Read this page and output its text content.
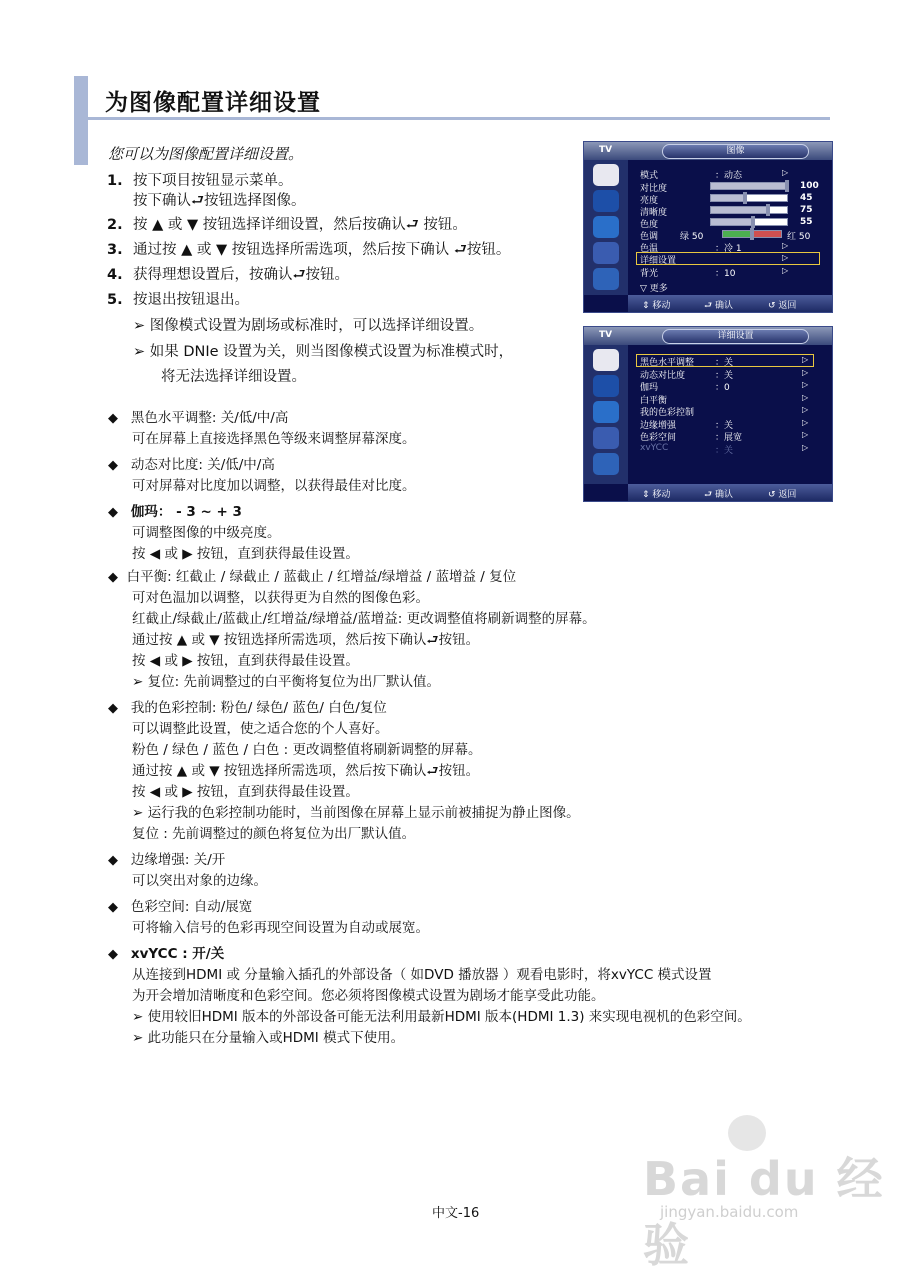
为图像配置详细设置
您可以为图像配置详细设置。
1. 按下项目按钮显示菜单。
按下确认⮐按钮选择图像。
2. 按 ▲ 或 ▼ 按钮选择详细设置，然后按确认⮐ 按钮。
3. 通过按 ▲ 或 ▼ 按钮选择所需选项，然后按下确认 ⮐按钮。
4. 获得理想设置后，按确认⮐按钮。
5. 按退出按钮退出。
➢ 图像模式设置为剧场或标准时，可以选择详细设置。
➢ 如果 DNIe 设置为关，则当图像模式设置为标准模式时，
将无法选择详细设置。
◆ 黑色水平调整: 关/低/中/高
可在屏幕上直接选择黑色等级来调整屏幕深度。
◆ 动态对比度: 关/低/中/高
可对屏幕对比度加以调整，以获得最佳对比度。
◆ 伽玛： - 3 ~ + 3
可调整图像的中级亮度。
按 ◀ 或 ▶ 按钮，直到获得最佳设置。
◆ 白平衡: 红截止 / 绿截止 / 蓝截止 / 红增益/绿增益 / 蓝增益 / 复位
可对色温加以调整，以获得更为自然的图像色彩。
红截止/绿截止/蓝截止/红增益/绿增益/蓝增益: 更改调整值将刷新调整的屏幕。
通过按 ▲ 或 ▼ 按钮选择所需选项，然后按下确认⮐按钮。
按 ◀ 或 ▶ 按钮，直到获得最佳设置。
➢ 复位: 先前调整过的白平衡将复位为出厂默认值。
◆ 我的色彩控制: 粉色/ 绿色/ 蓝色/ 白色/复位
可以调整此设置，使之适合您的个人喜好。
粉色 / 绿色 / 蓝色 / 白色 : 更改调整值将刷新调整的屏幕。
通过按 ▲ 或 ▼ 按钮选择所需选项，然后按下确认⮐按钮。
按 ◀ 或 ▶ 按钮，直到获得最佳设置。
➢ 运行我的色彩控制功能时，当前图像在屏幕上显示前被捕捉为静止图像。
复位 : 先前调整过的颜色将复位为出厂默认值。
◆ 边缘增强: 关/开
可以突出对象的边缘。
◆ 色彩空间: 自动/展宽
可将输入信号的色彩再现空间设置为自动或展宽。
◆ xvYCC : 开/关
从连接到HDMI 或 分量输入插孔的外部设备（ 如DVD 播放器 ）观看电影时，将xvYCC 模式设置
为开会增加清晰度和色彩空间。您必须将图像模式设置为剧场才能享受此功能。
➢ 使用较旧HDMI 版本的外部设备可能无法利用最新HDMI 版本(HDMI 1.3) 来实现电视机的色彩空间。
➢ 此功能只在分量输入或HDMI 模式下使用。
TV	图像
模式	：动态	▷
对比度	100
亮度	45
清晰度	75
色度	55
色调 绿 50	红 50
色温	：冷 1	▷
详细设置	▷
背光	：10	▷
▽ 更多
⇕ 移动	⮐ 确认	↺ 返回
TV	详细设置
黑色水平调整 ：关	▷
动态对比度	：关	▷
伽玛	：0	▷
白平衡	▷
我的色彩控制	▷
边缘增强	：关	▷
色彩空间	：展宽	▷
xvYCC	：关	▷
⇕ 移动	⮐ 确认	↺ 返回
中文-16
Bai du 经验
jingyan.baidu.com
